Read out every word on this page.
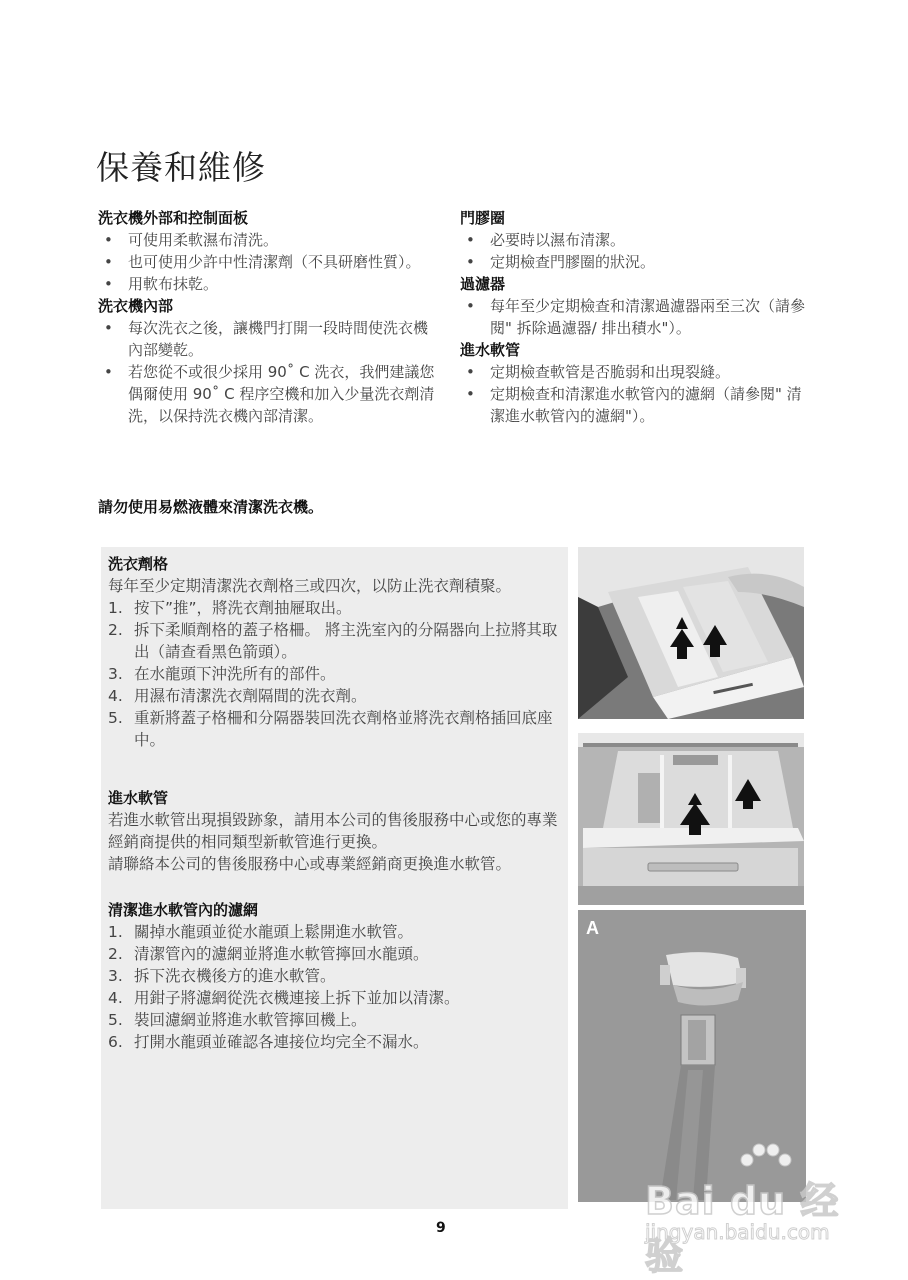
保養和維修
洗衣機外部和控制面板
• 可使用柔軟濕布清洗。
• 也可使用少許中性清潔劑（不具研磨性質）。
• 用軟布抹乾。
洗衣機內部
• 每次洗衣之後，讓機門打開一段時間使洗衣機內部變乾。
• 若您從不或很少採用 90˚ C 洗衣，我們建議您偶爾使用 90˚ C 程序空機和加入少量洗衣劑清洗，以保持洗衣機內部清潔。
門膠圈
• 必要時以濕布清潔。
• 定期檢查門膠圈的狀況。
過濾器
• 每年至少定期檢查和清潔過濾器兩至三次（請參閱" 拆除過濾器/ 排出積水"）。
進水軟管
• 定期檢查軟管是否脆弱和出現裂縫。
• 定期檢查和清潔進水軟管內的濾網（請參閱" 清潔進水軟管內的濾網"）。
請勿使用易燃液體來清潔洗衣機。
洗衣劑格

每年至少定期清潔洗衣劑格三或四次，以防止洗衣劑積聚。

1. 按下”推”，將洗衣劑抽屜取出。
2. 拆下柔順劑格的蓋子格柵。 將主洗室內的分隔器向上拉將其取出（請查看黑色箭頭）。
3. 在水龍頭下沖洗所有的部件。
4. 用濕布清潔洗衣劑隔間的洗衣劑。
5. 重新將蓋子格柵和分隔器裝回洗衣劑格並將洗衣劑格插回底座中。
進水軟管

若進水軟管出現損毀跡象，請用本公司的售後服務中心或您的專業經銷商提供的相同類型新軟管進行更換。

請聯絡本公司的售後服務中心或專業經銷商更換進水軟管。

清潔進水軟管內的濾網
1. 關掉水龍頭並從水龍頭上鬆開進水軟管。
2. 清潔管內的濾網並將進水軟管擰回水龍頭。
3. 拆下洗衣機後方的進水軟管。
4. 用鉗子將濾網從洗衣機連接上拆下並加以清潔。
5. 裝回濾網並將進水軟管擰回機上。
6. 打開水龍頭並確認各連接位均完全不漏水。
A
9
Bai du 经验
jingyan.baidu.com
